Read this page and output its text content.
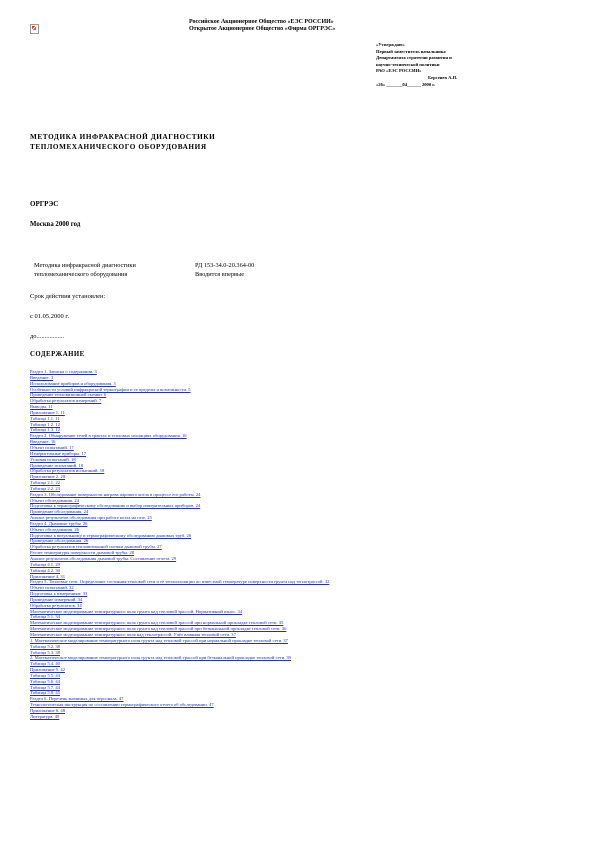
Российское Акционерное Общество «ЕЭС РОССИИ»
Открытое Акционерное Общество «Фирма ОРГРЭС»
«Утверждаю»
Первый заместитель начальника
Департамента стратегии развития и
научно-технической политики
РАО «ЕЭС РОССИИ»
Берсенев А.П.
«26» _______04______ 2000 г.
МЕТОДИКА ИНФРАКРАСНОЙ ДИАГНОСТИКИ
ТЕПЛОМЕХАНИЧЕСКОГО ОБОРУДОВАНИЯ
ОРГРЭС
Москва 2000 год
Методика инфракрасной диагностики
тепломеханического оборудования
РД 153-34.0-20.364-00
Вводится впервые
Срок действия установлен:
с 01.05.2000 г.
до.................
СОДЕРЖАНИЕ
Раздел 1. Записка о содержании. 3
Введение. 3
Использование приборов и оборудования. 3
Особенности условий инфракрасной термографии и ее пределы и возможности. 5
Проведение тепловизионной съемки. 6
Обработка результатов измерений. 7
Выводы. 11
Приложение 1. 11
Таблица 1.1. 11
Таблица 1.2. 12
Таблица 1.3. 12
Раздел 2. Обнаружение течей в трактах и тепловых изоляциях оборудования. 16
Введение. 16
Объект испытаний. 17
Измерительные приборы. 17
Условия испытаний. 18
Проведение испытаний. 18
Обработка результатов испытаний. 18
Приложение 2. 20
Таблица 2.1. 22
Таблица 2.2. 23
Раздел 3. Обследование поверхности нагрева парового котла в процессе его работы. 24
Объект обследования. 24
Подготовка к термографическому обследованию и выбор измерительных приборов. 24
Проведение обследования. 24
Анализ результатов обследования при работе котла на газе. 25
Раздел 4. Дымовые трубы. 26
Объект обследования. 26
Подготовка к визуальному и термографическому обследованию дымовых труб. 26
Проведение обследования. 26
Обработка результатов тепловизионной съемки дымовой трубы. 27
Расчет температуры поверхности дымовой трубы. 28
Анализ результатов обследования дымовой трубы. Составление отчета. 29
Таблица 4.1. 29
Таблица 4.2. 30
Приложение 4. 31
Раздел 5. Тепловые сети. Определение состояния тепловой сети и её теплоизоляции по известной температуре поверхности грунта над теплотрассой. 32
Объект испытаний. 32
Подготовка к измерениям. 33
Проведение измерений. 34
Обработка результатов. 34
Математическое моделирование температурного поля грунта над тепловой трассой. Нормативный износ. 34
Таблица 5.1. 34
Математическое моделирование температурного поля грунта над тепловой трассой при нормальной прокладке тепловой сети. 35
Математическое моделирование температурного поля грунта над тепловой трассой при безканальной прокладке тепловой сети. 36
Математическое моделирование температурного поля над теплотрассой. Учёт влияния тепловой сети. 37
1. Математическое моделирование температурного поля грунта над тепловой трассой при нормальной прокладке тепловой сети. 37
Таблица 5.2. 38
Таблица 5.3. 38
2. Математическое моделирование температурного поля грунта над тепловой трассой при безканальной прокладке тепловой сети. 39
Таблица 5.4. 40
Приложение 5. 42
Таблица 5.5. 44
Таблица 5.6. 44
Таблица 5.7. 44
Таблица 5.8. 45
Раздел 6. Перечень значимых для персонала. 47
Технологическая инструкция по составлению термографического отчета об обследовании. 47
Приложение 6. 48
Литература. 49
